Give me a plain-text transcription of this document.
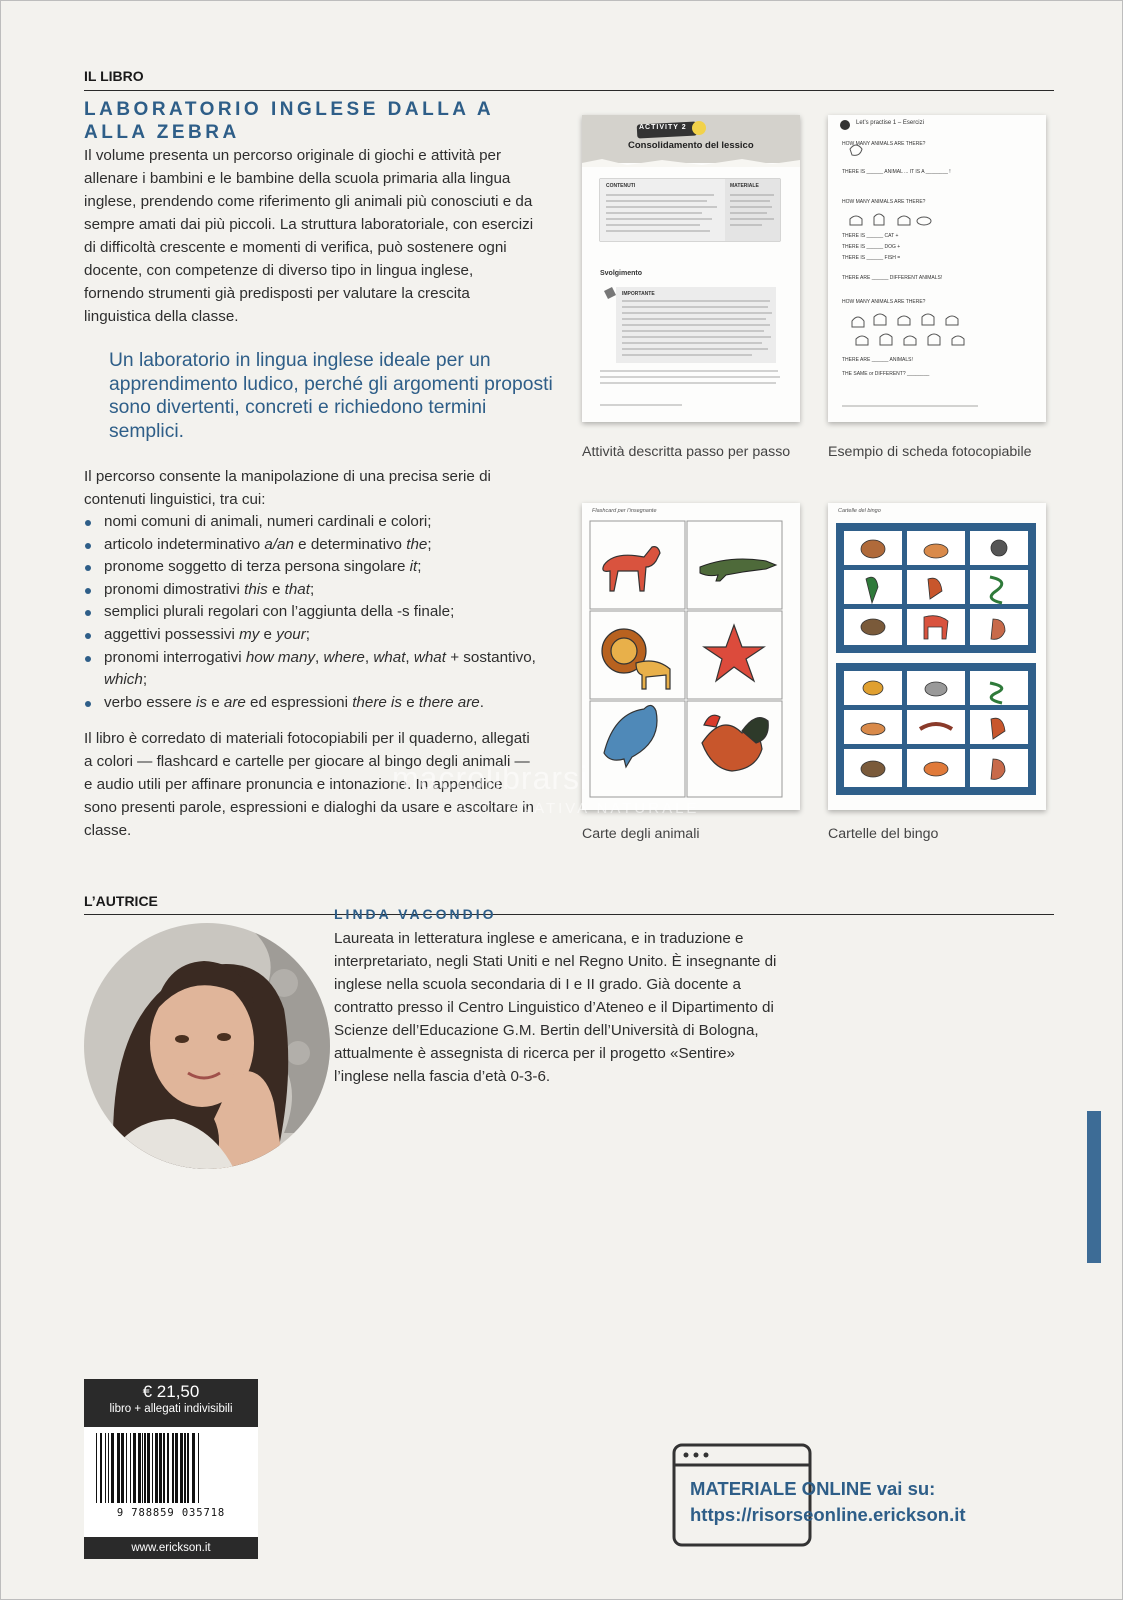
IL LIBRO
LABORATORIO INGLESE DALLA A ALLA ZEBRA
Il volume presenta un percorso originale di giochi e attività per allenare i bambini e le bambine della scuola primaria alla lingua inglese, prendendo come riferimento gli animali più conosciuti e da sempre amati dai più piccoli. La struttura laboratoriale, con esercizi di difficoltà crescente e momenti di verifica, può sostenere ogni docente, con competenze di diverso tipo in lingua inglese, fornendo strumenti già predisposti per valutare la crescita linguistica della classe.
Un laboratorio in lingua inglese ideale per un apprendimento ludico, perché gli argomenti proposti sono divertenti, concreti e richiedono termini semplici.
Il percorso consente la manipolazione di una precisa serie di contenuti linguistici, tra cui:
nomi comuni di animali, numeri cardinali e colori;
articolo indeterminativo a/an e determinativo the;
pronome soggetto di terza persona singolare it;
pronomi dimostrativi this e that;
semplici plurali regolari con l’aggiunta della -s finale;
aggettivi possessivi my e your;
pronomi interrogativi how many, where, what, what + sostantivo, which;
verbo essere is e are ed espressioni there is e there are.
Il libro è corredato di materiali fotocopiabili per il quaderno, allegati a colori — flashcard e cartelle per giocare al bingo degli animali — e audio utili per affinare pronuncia e intonazione. In appendice sono presenti parole, espressioni e dialoghi da usare e ascoltare in classe.
ACTIVITY 2
Consolidamento del lessico
CONTENUTI	MATERIALE
Svolgimento
IMPORTANTE
Attività descritta passo per passo
Let’s practise 1 – Esercizi
HOW MANY ANIMALS ARE THERE?
THERE IS ______ ANIMAL ... IT IS A ________ !
HOW MANY ANIMALS ARE THERE?
THERE IS ______ CAT +
THERE IS ______ DOG +
THERE IS ______ FISH =
THERE ARE ______ DIFFERENT ANIMALS!
HOW MANY ANIMALS ARE THERE?
THERE ARE ______ ANIMALS!
THE SAME or DIFFERENT? ________
Esempio di scheda fotocopiabile
Flashcard per l’insegnante
Carte degli animali
Cartelle del bingo
Cartelle del bingo
macrolibrarsi
ALTERNATIVA NATURALE
L’AUTRICE
LINDA VACONDIO
Laureata in letteratura inglese e americana, e in traduzione e interpretariato, negli Stati Uniti e nel Regno Unito. È insegnante di inglese nella scuola secondaria di I e II grado. Già docente a contratto presso il Centro Linguistico d’Ateneo e il Dipartimento di Scienze dell’Educazione G.M. Bertin dell’Università di Bologna, attualmente è assegnista di ricerca per il progetto «Sentire» l’inglese nella fascia d’età 0-3-6.
€ 21,50
libro + allegati indivisibili
9 788859 035718
www.erickson.it
MATERIALE ONLINE vai su:
https://risorseonline.erickson.it
